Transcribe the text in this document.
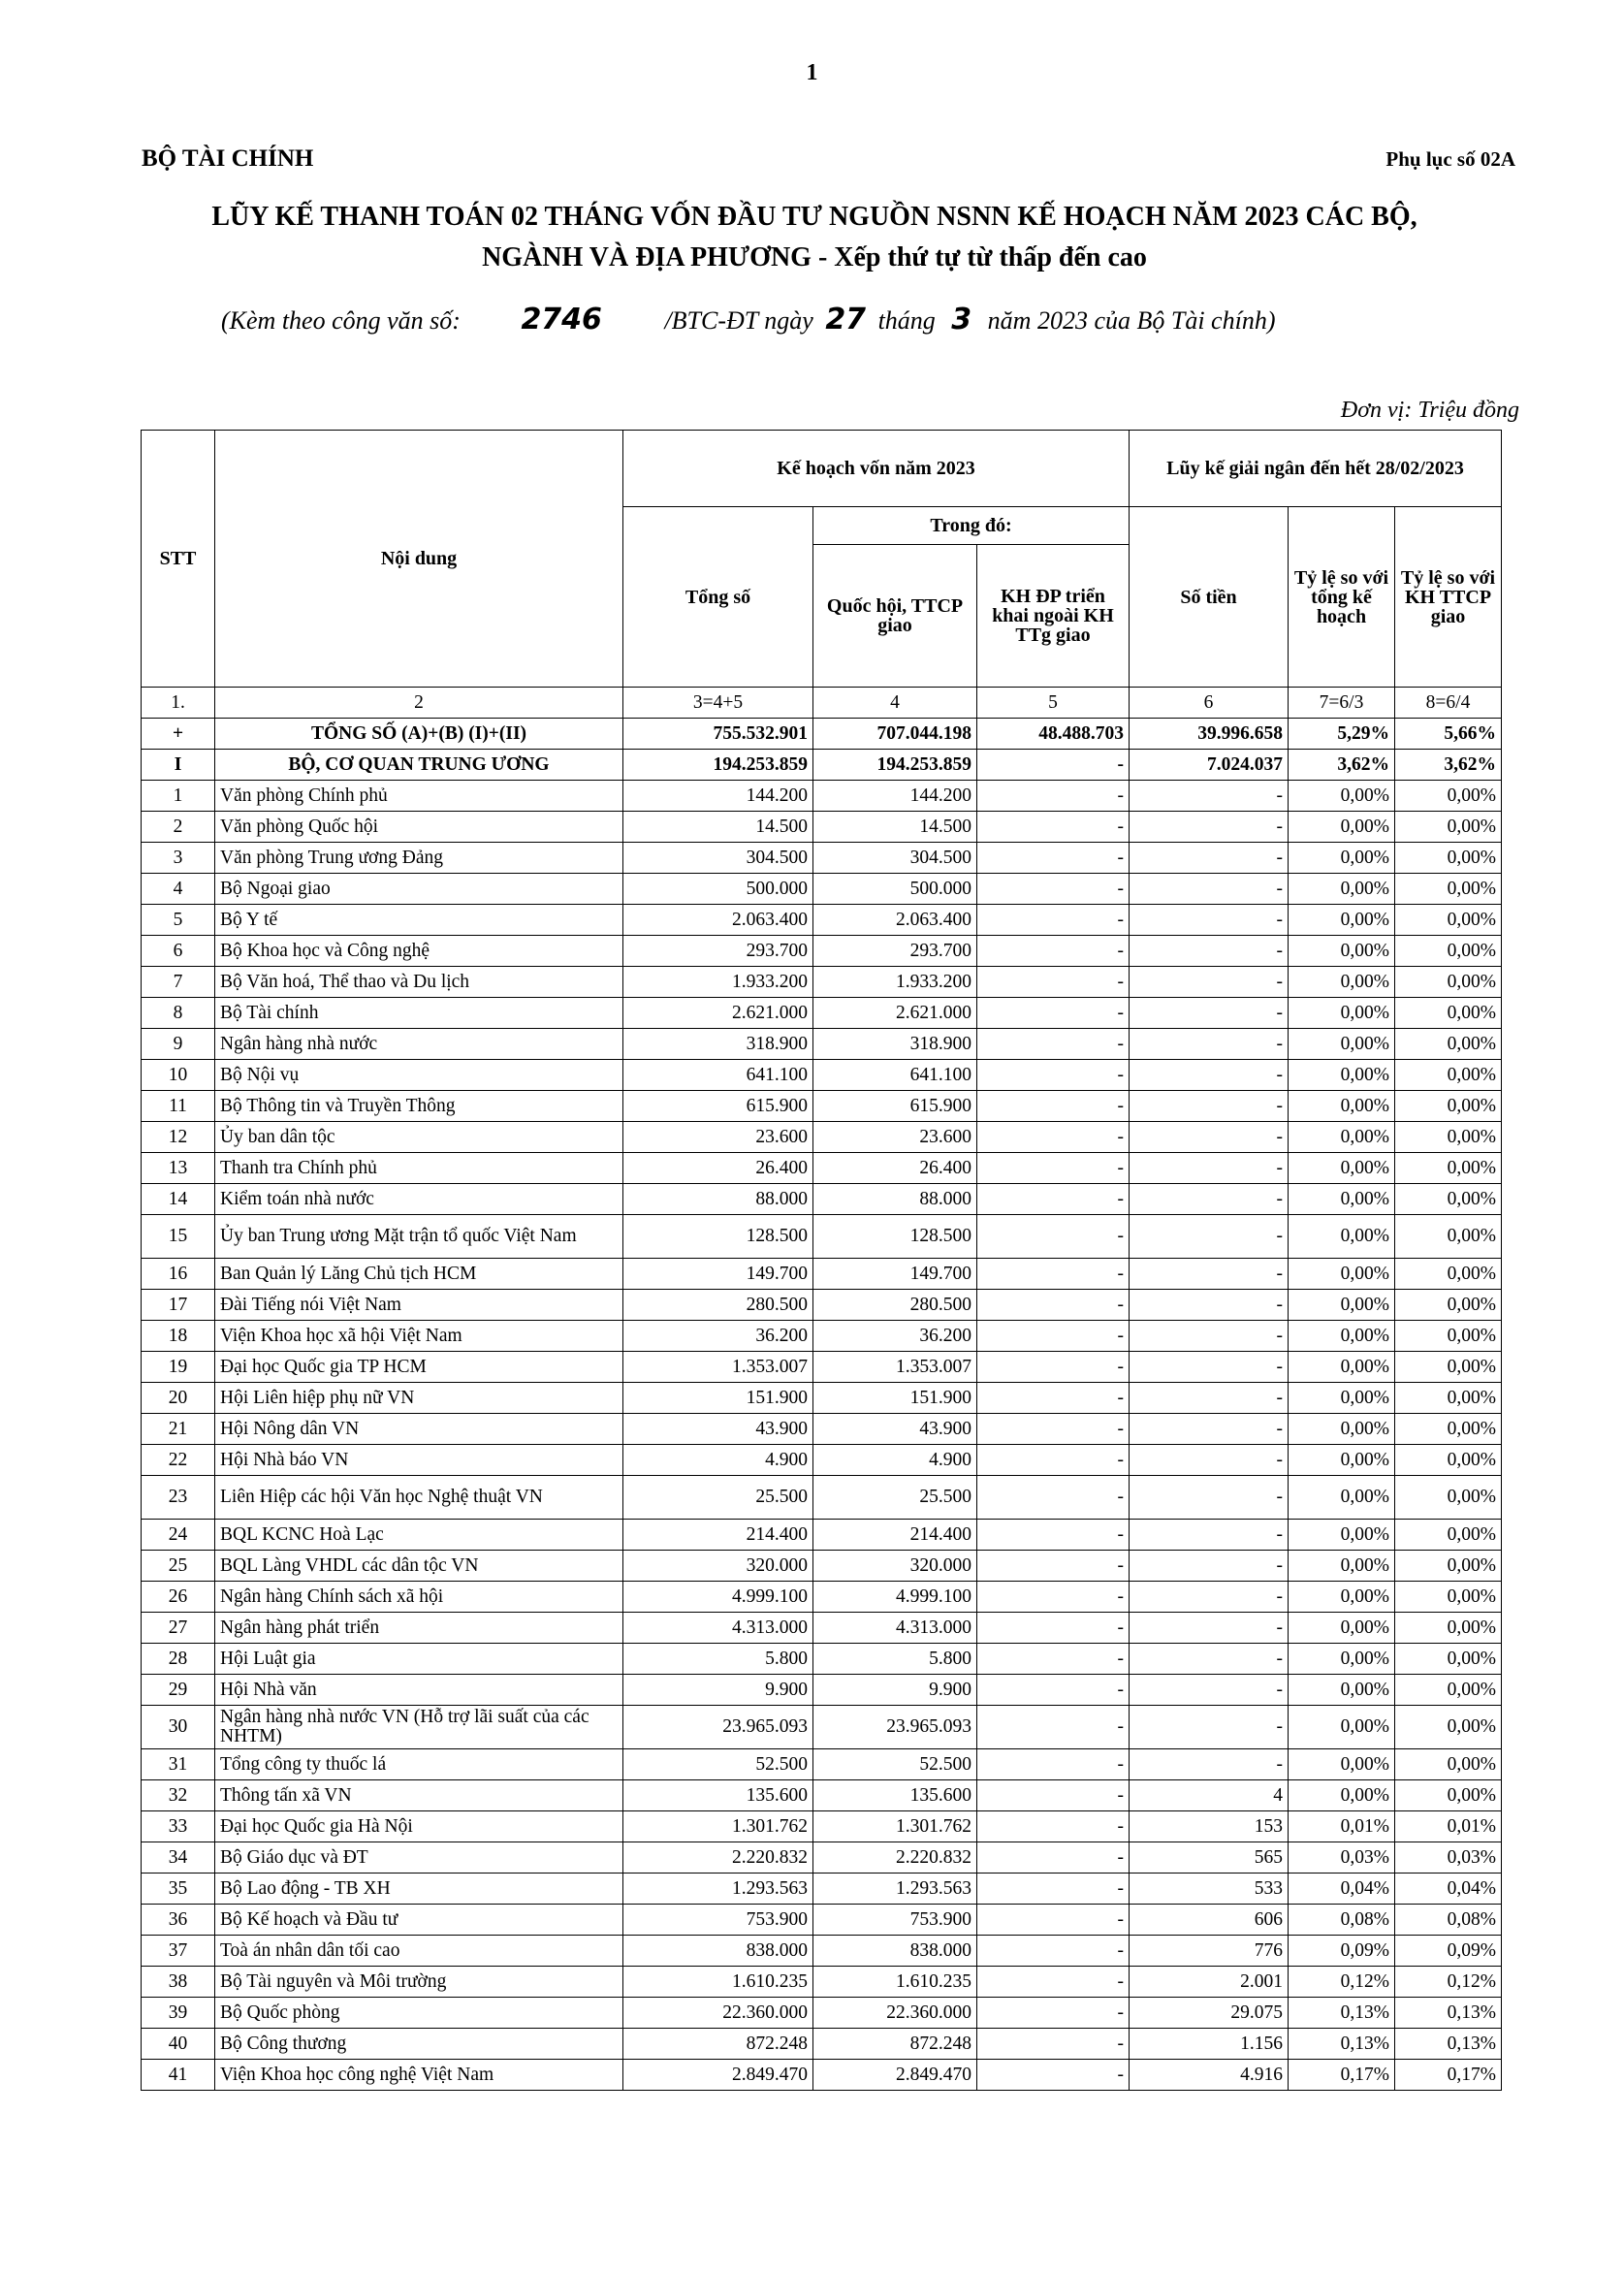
1
BỘ TÀI CHÍNH	Phụ lục số 02A
LŨY KẾ THANH TOÁN 02 THÁNG VỐN ĐẦU TƯ NGUỒN NSNN KẾ HOẠCH NĂM 2023 CÁC BỘ,
NGÀNH VÀ ĐỊA PHƯƠNG - Xếp thứ tự từ thấp đến cao
(Kèm theo công văn số: 2746 /BTC-ĐT ngày 27 tháng 3 năm 2023 của Bộ Tài chính)
Đơn vị: Triệu đồng
STT	Nội dung	Kế hoạch vốn năm 2023			Lũy kế giải ngân đến hết 28/02/2023		
		Tổng số	Trong đó:		Số tiền	Tỷ lệ so với tổng kế hoạch	Tỷ lệ so với KH TTCP giao
			Quốc hội, TTCP giao	KH ĐP triển khai ngoài KH TTg giao			
1.	2	3=4+5	4	5	6	7=6/3	8=6/4
+	TỔNG SỐ (A)+(B) (I)+(II)	755.532.901	707.044.198	48.488.703	39.996.658	5,29%	5,66%
I	BỘ, CƠ QUAN TRUNG ƯƠNG	194.253.859	194.253.859	-	7.024.037	3,62%	3,62%
1	Văn phòng Chính phủ	144.200	144.200	-	-	0,00%	0,00%
2	Văn phòng Quốc hội	14.500	14.500	-	-	0,00%	0,00%
3	Văn phòng Trung ương Đảng	304.500	304.500	-	-	0,00%	0,00%
4	Bộ Ngoại giao	500.000	500.000	-	-	0,00%	0,00%
5	Bộ Y tế	2.063.400	2.063.400	-	-	0,00%	0,00%
6	Bộ Khoa học và Công nghệ	293.700	293.700	-	-	0,00%	0,00%
7	Bộ Văn hoá, Thể thao và Du lịch	1.933.200	1.933.200	-	-	0,00%	0,00%
8	Bộ Tài chính	2.621.000	2.621.000	-	-	0,00%	0,00%
9	Ngân hàng nhà nước	318.900	318.900	-	-	0,00%	0,00%
10	Bộ Nội vụ	641.100	641.100	-	-	0,00%	0,00%
11	Bộ Thông tin và Truyền Thông	615.900	615.900	-	-	0,00%	0,00%
12	Ủy ban dân tộc	23.600	23.600	-	-	0,00%	0,00%
13	Thanh tra Chính phủ	26.400	26.400	-	-	0,00%	0,00%
14	Kiểm toán nhà nước	88.000	88.000	-	-	0,00%	0,00%
15	Ủy ban Trung ương Mặt trận tổ quốc Việt Nam	128.500	128.500	-	-	0,00%	0,00%
16	Ban Quản lý Lăng Chủ tịch HCM	149.700	149.700	-	-	0,00%	0,00%
17	Đài Tiếng nói Việt Nam	280.500	280.500	-	-	0,00%	0,00%
18	Viện Khoa học xã hội Việt Nam	36.200	36.200	-	-	0,00%	0,00%
19	Đại học Quốc gia TP HCM	1.353.007	1.353.007	-	-	0,00%	0,00%
20	Hội Liên hiệp phụ nữ VN	151.900	151.900	-	-	0,00%	0,00%
21	Hội Nông dân VN	43.900	43.900	-	-	0,00%	0,00%
22	Hội Nhà báo VN	4.900	4.900	-	-	0,00%	0,00%
23	Liên Hiệp các hội Văn học Nghệ thuật VN	25.500	25.500	-	-	0,00%	0,00%
24	BQL KCNC Hoà Lạc	214.400	214.400	-	-	0,00%	0,00%
25	BQL Làng VHDL các dân tộc VN	320.000	320.000	-	-	0,00%	0,00%
26	Ngân hàng Chính sách xã hội	4.999.100	4.999.100	-	-	0,00%	0,00%
27	Ngân hàng phát triển	4.313.000	4.313.000	-	-	0,00%	0,00%
28	Hội Luật gia	5.800	5.800	-	-	0,00%	0,00%
29	Hội Nhà văn	9.900	9.900	-	-	0,00%	0,00%
30	Ngân hàng nhà nước VN (Hỗ trợ lãi suất của các NHTM)	23.965.093	23.965.093	-	-	0,00%	0,00%
31	Tổng công ty thuốc lá	52.500	52.500	-	-	0,00%	0,00%
32	Thông tấn xã VN	135.600	135.600	-	4	0,00%	0,00%
33	Đại học Quốc gia Hà Nội	1.301.762	1.301.762	-	153	0,01%	0,01%
34	Bộ Giáo dục và ĐT	2.220.832	2.220.832	-	565	0,03%	0,03%
35	Bộ Lao động - TB XH	1.293.563	1.293.563	-	533	0,04%	0,04%
36	Bộ Kế hoạch và Đầu tư	753.900	753.900	-	606	0,08%	0,08%
37	Toà án nhân dân tối cao	838.000	838.000	-	776	0,09%	0,09%
38	Bộ Tài nguyên và Môi trường	1.610.235	1.610.235	-	2.001	0,12%	0,12%
39	Bộ Quốc phòng	22.360.000	22.360.000	-	29.075	0,13%	0,13%
40	Bộ Công thương	872.248	872.248	-	1.156	0,13%	0,13%
41	Viện Khoa học công nghệ Việt Nam	2.849.470	2.849.470	-	4.916	0,17%	0,17%
